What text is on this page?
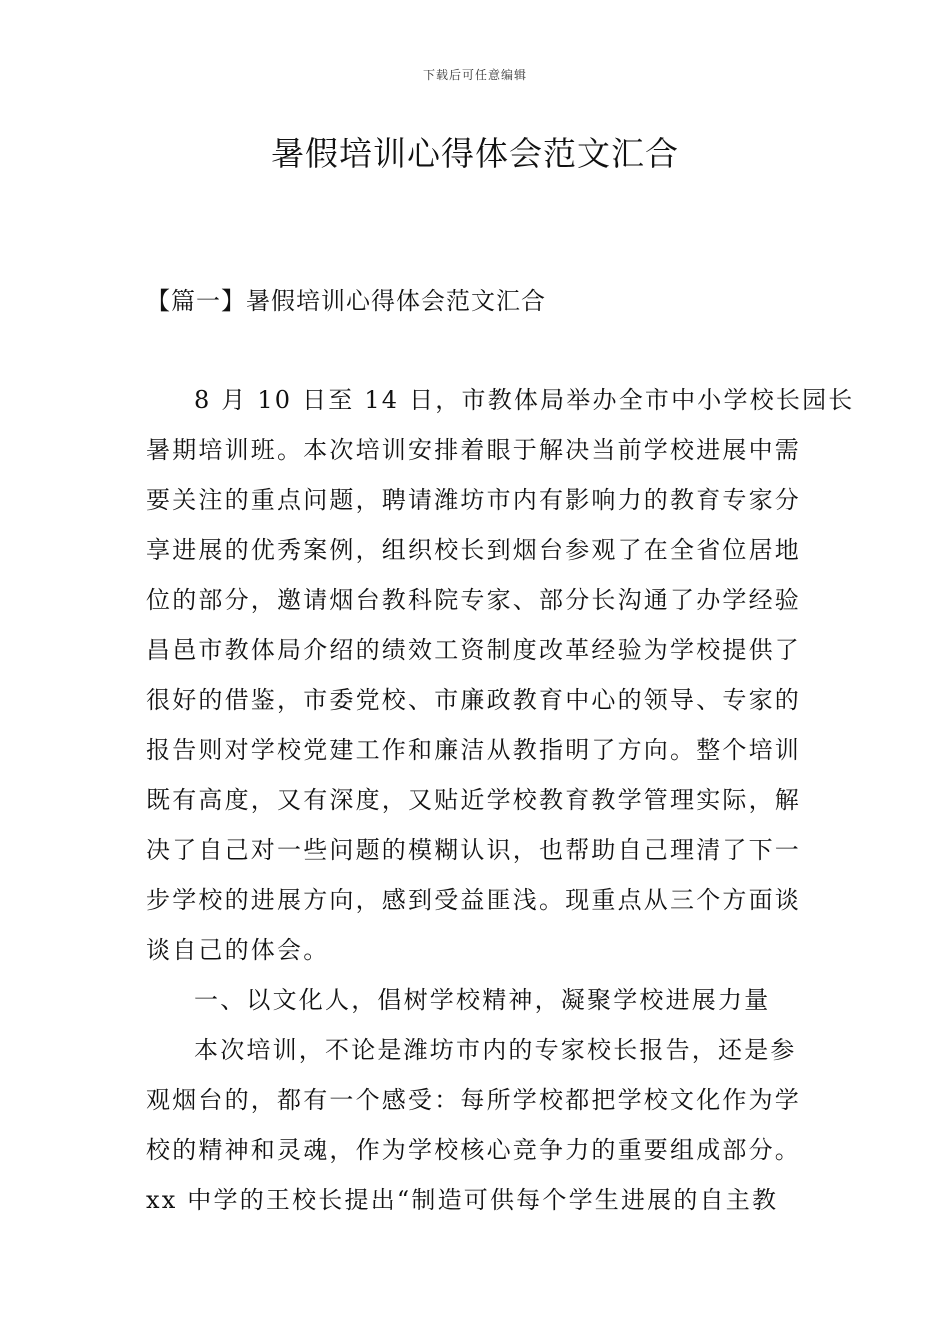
下载后可任意编辑
暑假培训心得体会范文汇合
【篇一】暑假培训心得体会范文汇合
8 月 10 日至 14 日，市教体局举办全市中小学校长园长
暑期培训班。本次培训安排着眼于解决当前学校进展中需
要关注的重点问题，聘请潍坊市内有影响力的教育专家分
享进展的优秀案例，组织校长到烟台参观了在全省位居地
位的部分，邀请烟台教科院专家、部分长沟通了办学经验
昌邑市教体局介绍的绩效工资制度改革经验为学校提供了
很好的借鉴，市委党校、市廉政教育中心的领导、专家的
报告则对学校党建工作和廉洁从教指明了方向。整个培训
既有高度，又有深度，又贴近学校教育教学管理实际，解
决了自己对一些问题的模糊认识，也帮助自己理清了下一
步学校的进展方向，感到受益匪浅。现重点从三个方面谈
谈自己的体会。
一、以文化人，倡树学校精神，凝聚学校进展力量
本次培训，不论是潍坊市内的专家校长报告，还是参
观烟台的，都有一个感受：每所学校都把学校文化作为学
校的精神和灵魂，作为学校核心竞争力的重要组成部分。
xx 中学的王校长提出“制造可供每个学生进展的自主教
